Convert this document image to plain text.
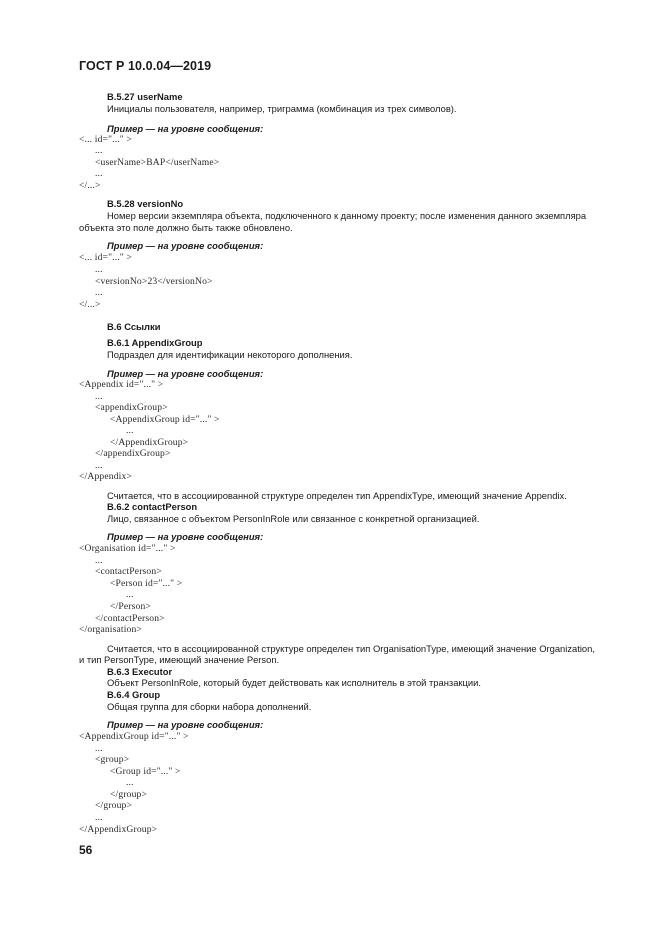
ГОСТ Р 10.0.04—2019
B.5.27 userName
Инициалы пользователя, например, триграмма (комбинация из трех символов).
Пример — на уровне сообщения:
<... id="..." >
...
<userName>BAP</userName>
...
</...>
B.5.28 versionNo
Номер версии экземпляра объекта, подключенного к данному проекту; после изменения данного экземпляра
объекта это поле должно быть также обновлено.
Пример — на уровне сообщения:
<... id="..." >
...
<versionNo>23</versionNo>
...
</...>
B.6 Ссылки
B.6.1 AppendixGroup
Подраздел для идентификации некоторого дополнения.
Пример — на уровне сообщения:
<Appendix id="..." >
...
<appendixGroup>
<AppendixGroup id="..." >
...
</AppendixGroup>
</appendixGroup>
...
</Appendix>
Считается, что в ассоциированной структуре определен тип AppendixType, имеющий значение Appendix.
B.6.2 contactPerson
Лицо, связанное с объектом PersonInRole или связанное с конкретной организацией.
Пример — на уровне сообщения:
<Organisation id="..." >
...
<contactPerson>
<Person id="..." >
...
</Person>
</contactPerson>
</organisation>
Считается, что в ассоциированной структуре определен тип OrganisationType, имеющий значение Organization,
и тип PersonType, имеющий значение Person.
B.6.3 Executor
Объект PersonInRole, который будет действовать как исполнитель в этой транзакции.
B.6.4 Group
Общая группа для сборки набора дополнений.
Пример — на уровне сообщения:
<AppendixGroup id="..." >
...
<group>
<Group id="..." >
...
</group>
</group>
...
</AppendixGroup>
56
